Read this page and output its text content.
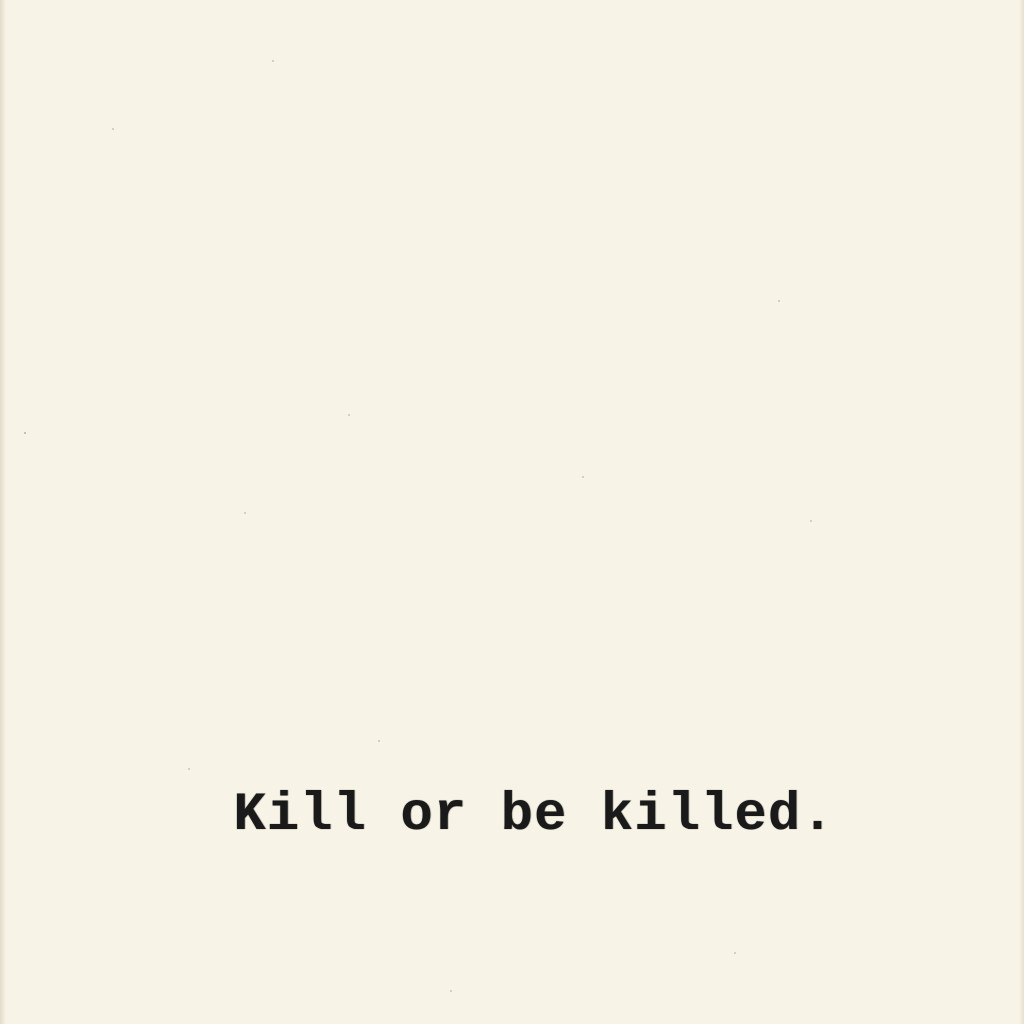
Kill or be killed.
